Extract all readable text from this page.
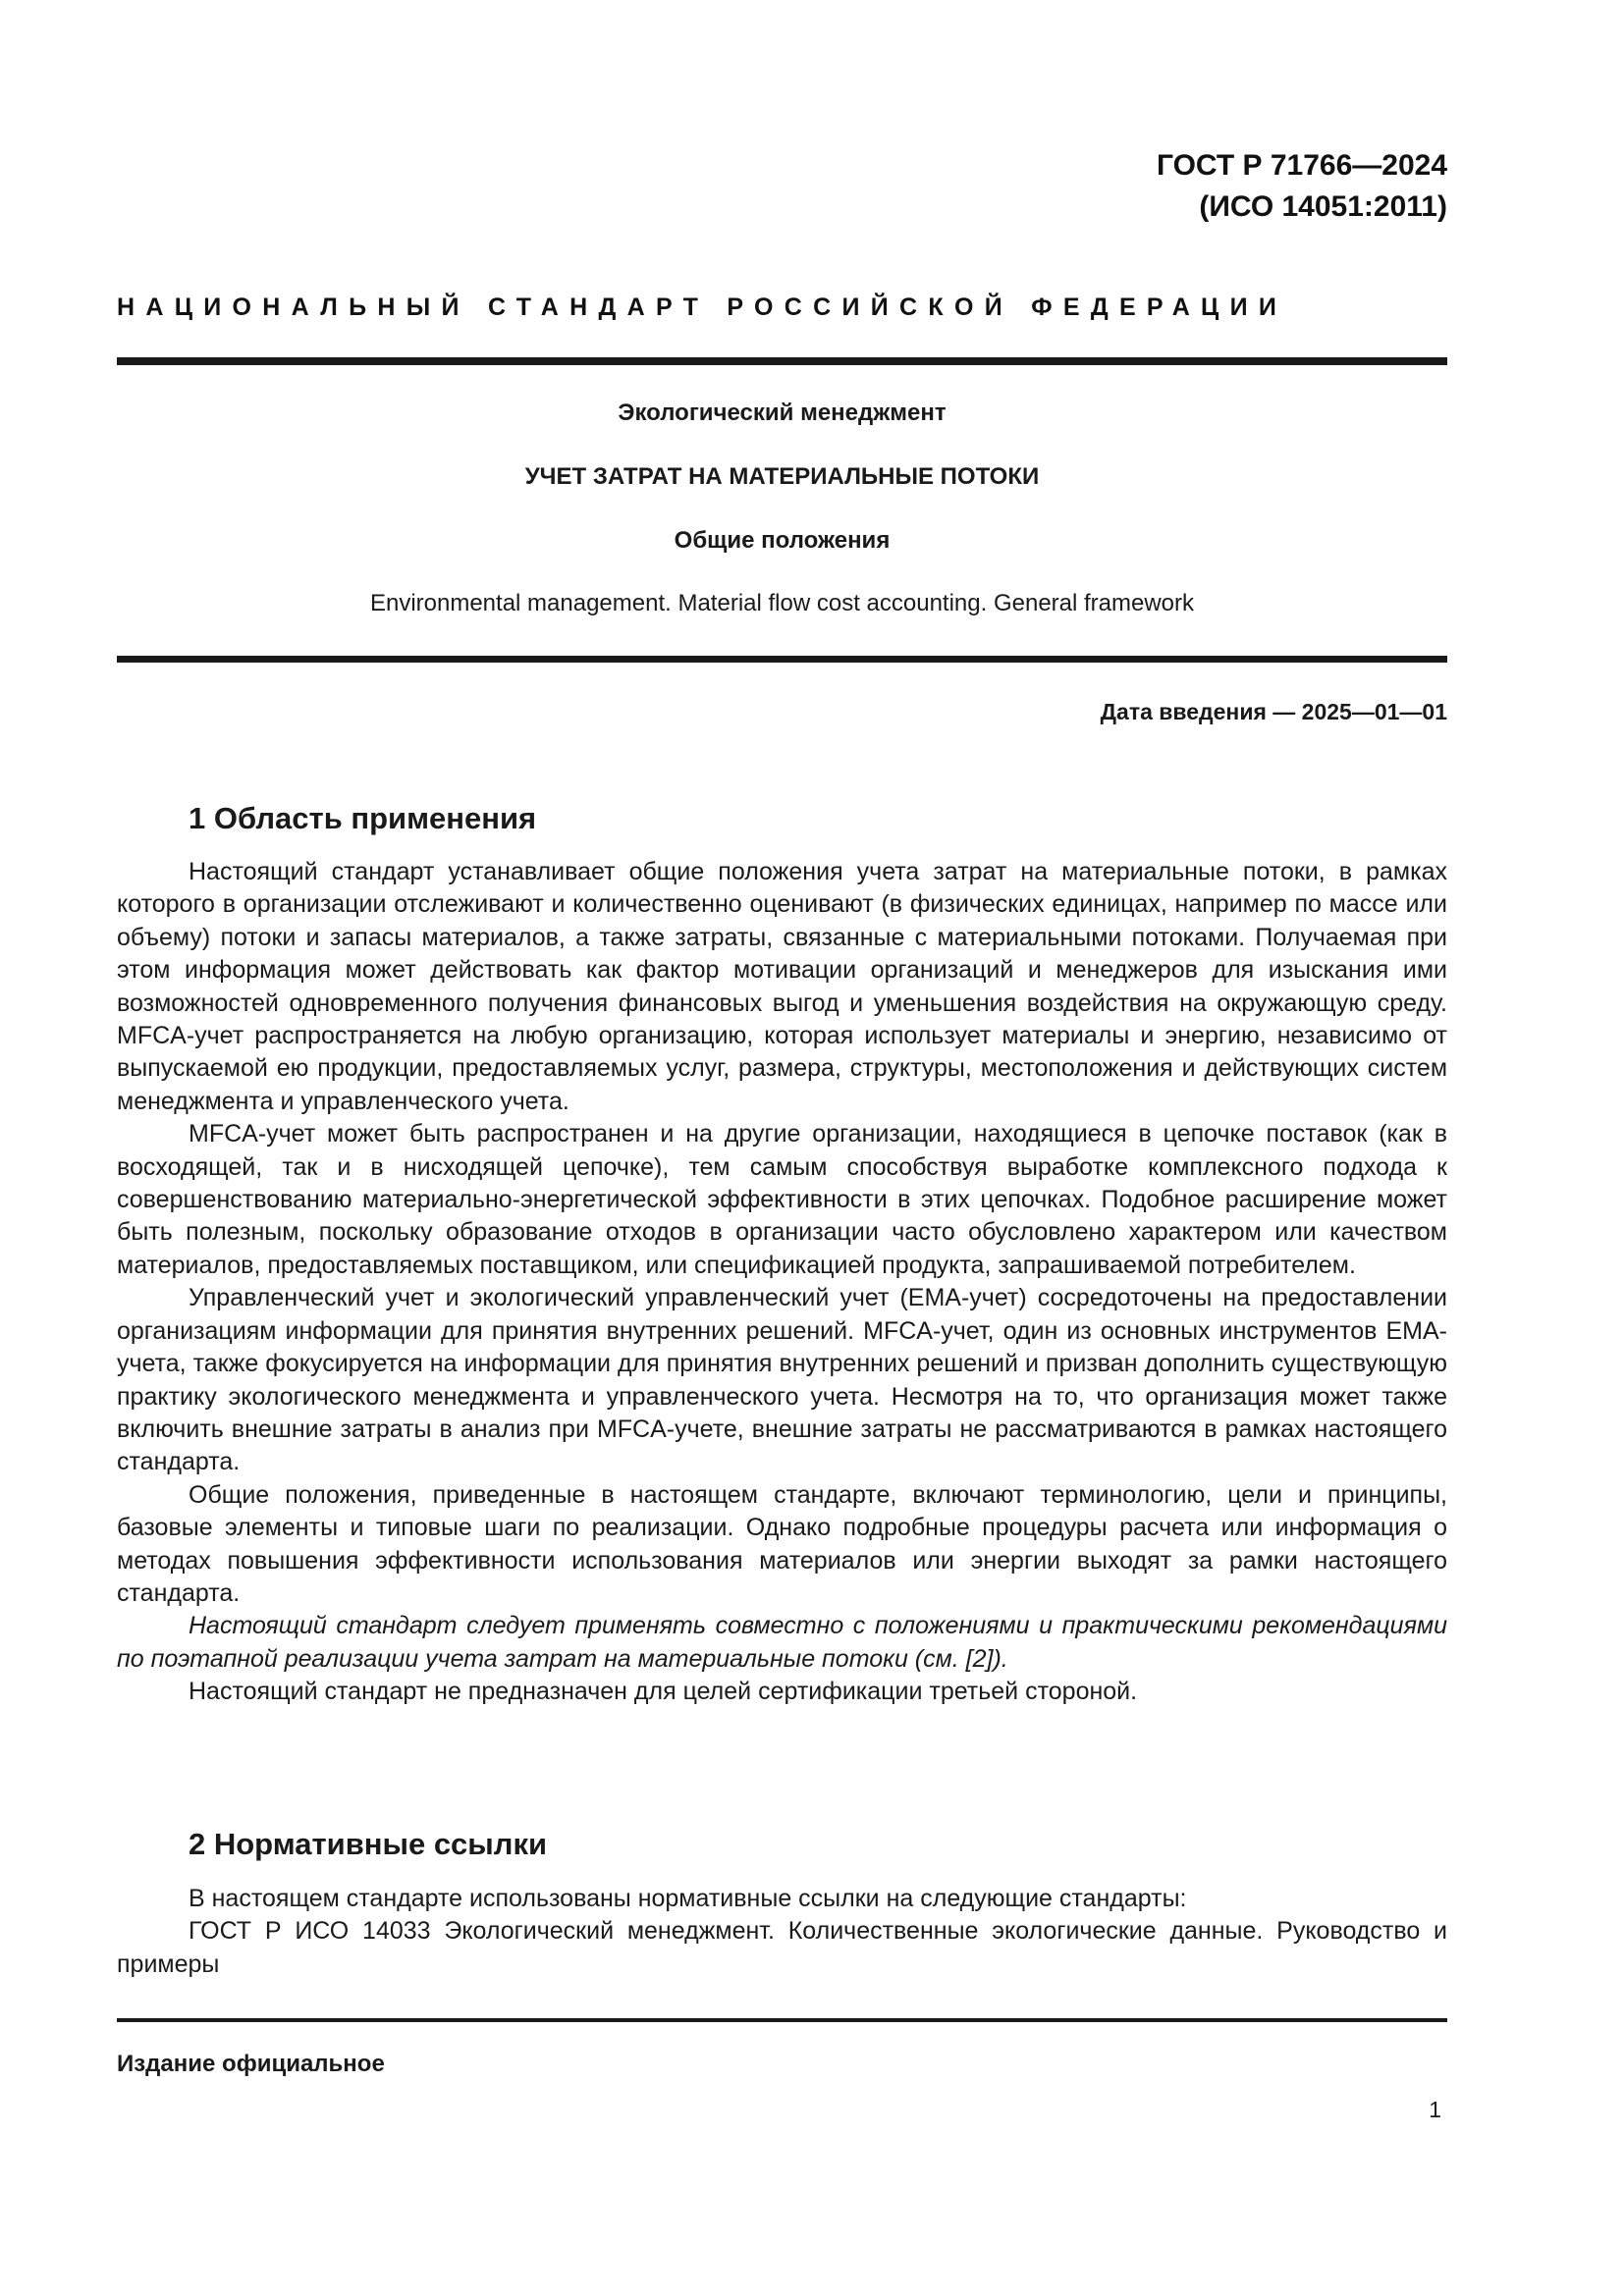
ГОСТ Р 71766—2024
(ИСО 14051:2011)
НАЦИОНАЛЬНЫЙ СТАНДАРТ РОССИЙСКОЙ ФЕДЕРАЦИИ
Экологический менеджмент
УЧЕТ ЗАТРАТ НА МАТЕРИАЛЬНЫЕ ПОТОКИ
Общие положения
Environmental management. Material flow cost accounting. General framework
Дата введения — 2025—01—01
1 Область применения

Настоящий стандарт устанавливает общие положения учета затрат на материальные потоки, в рамках которого в организации отслеживают и количественно оценивают (в физических единицах, например по массе или объему) потоки и запасы материалов, а также затраты, связанные с материальными потоками. Получаемая при этом информация может действовать как фактор мотивации организаций и менеджеров для изыскания ими возможностей одновременного получения финансовых выгод и уменьшения воздействия на окружающую среду. MFCA-учет распространяется на любую организацию, которая использует материалы и энергию, независимо от выпускаемой ею продукции, предоставляемых услуг, размера, структуры, местоположения и действующих систем менеджмента и управленческого учета.

MFCA-учет может быть распространен и на другие организации, находящиеся в цепочке поставок (как в восходящей, так и в нисходящей цепочке), тем самым способствуя выработке комплексного подхода к совершенствованию материально-энергетической эффективности в этих цепочках. Подобное расширение может быть полезным, поскольку образование отходов в организации часто обусловлено характером или качеством материалов, предоставляемых поставщиком, или спецификацией продукта, запрашиваемой потребителем.

Управленческий учет и экологический управленческий учет (EMA-учет) сосредоточены на предоставлении организациям информации для принятия внутренних решений. MFCA-учет, один из основных инструментов EMA-учета, также фокусируется на информации для принятия внутренних решений и призван дополнить существующую практику экологического менеджмента и управленческого учета. Несмотря на то, что организация может также включить внешние затраты в анализ при MFCA-учете, внешние затраты не рассматриваются в рамках настоящего стандарта.

Общие положения, приведенные в настоящем стандарте, включают терминологию, цели и принципы, базовые элементы и типовые шаги по реализации. Однако подробные процедуры расчета или информация о методах повышения эффективности использования материалов или энергии выходят за рамки настоящего стандарта.

Настоящий стандарт следует применять совместно с положениями и практическими рекомендациями по поэтапной реализации учета затрат на материальные потоки (см. [2]).

Настоящий стандарт не предназначен для целей сертификации третьей стороной.

2 Нормативные ссылки

В настоящем стандарте использованы нормативные ссылки на следующие стандарты:

ГОСТ Р ИСО 14033 Экологический менеджмент. Количественные экологические данные. Руководство и примеры

Издание официальное
1
